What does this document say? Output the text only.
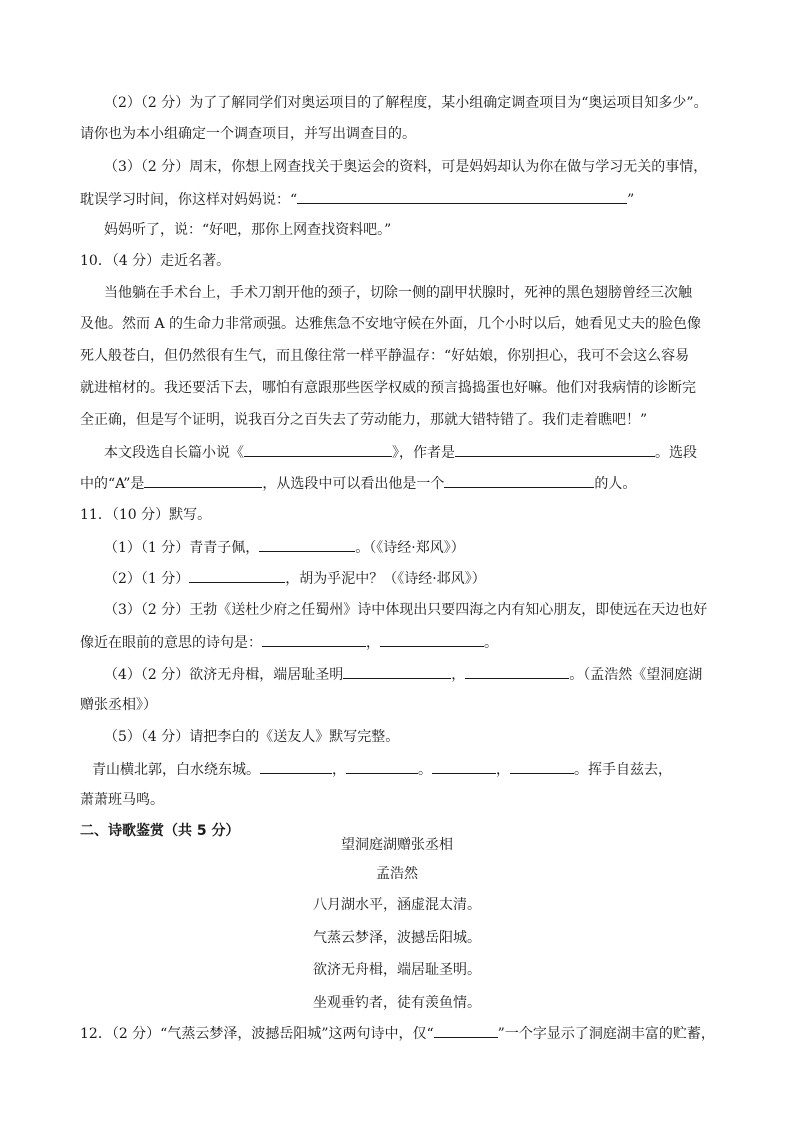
（2）（2 分）为了了解同学们对奥运项目的了解程度，某小组确定调查项目为“奥运项目知多少”。
请你也为本小组确定一个调查项目，并写出调查目的。
（3）（2 分）周末，你想上网查找关于奥运会的资料，可是妈妈却认为你在做与学习无关的事情，
耽误学习时间，你这样对妈妈说：“	”
妈妈听了，说：“好吧，那你上网查找资料吧。”
10．（4 分）走近名著。
当他躺在手术台上，手术刀割开他的颈子，切除一侧的副甲状腺时，死神的黑色翅膀曾经三次触
及他。然而 A 的生命力非常顽强。达雅焦急不安地守候在外面，几个小时以后，她看见丈夫的脸色像
死人般苍白，但仍然很有生气，而且像往常一样平静温存：“好姑娘，你别担心，我可不会这么容易
就进棺材的。我还要活下去，哪怕有意跟那些医学权威的预言捣捣蛋也好嘛。他们对我病情的诊断完
全正确，但是写个证明，说我百分之百失去了劳动能力，那就大错特错了。我们走着瞧吧！”
本文段选自长篇小说《	》，作者是	。选段
中的“A”是	，从选段中可以看出他是一个	的人。
11．（10 分）默写。
（1）（1 分）青青子佩，	。（《诗经·郑风》）
（2）（1 分）	，胡为乎泥中？（《诗经·邶风》）
（3）（2 分）王勃《送杜少府之任蜀州》诗中体现出只要四海之内有知心朋友，即使远在天边也好
像近在眼前的意思的诗句是：	，	。
（4）（2 分）欲济无舟楫，端居耻圣明	，	。（孟浩然《望洞庭湖
赠张丞相》）
（5）（4 分）请把李白的《送友人》默写完整。
青山横北郭，白水绕东城。	，	。	，	。挥手自兹去，
萧萧班马鸣。
二、诗歌鉴赏（共 5 分）
望洞庭湖赠张丞相
孟浩然
八月湖水平，涵虚混太清。
气蒸云梦泽，波撼岳阳城。
欲济无舟楫，端居耻圣明。
坐观垂钓者，徒有羡鱼情。
12．（2 分）“气蒸云梦泽，波撼岳阳城”这两句诗中，仅“	”一个字显示了洞庭湖丰富的贮蓄，
